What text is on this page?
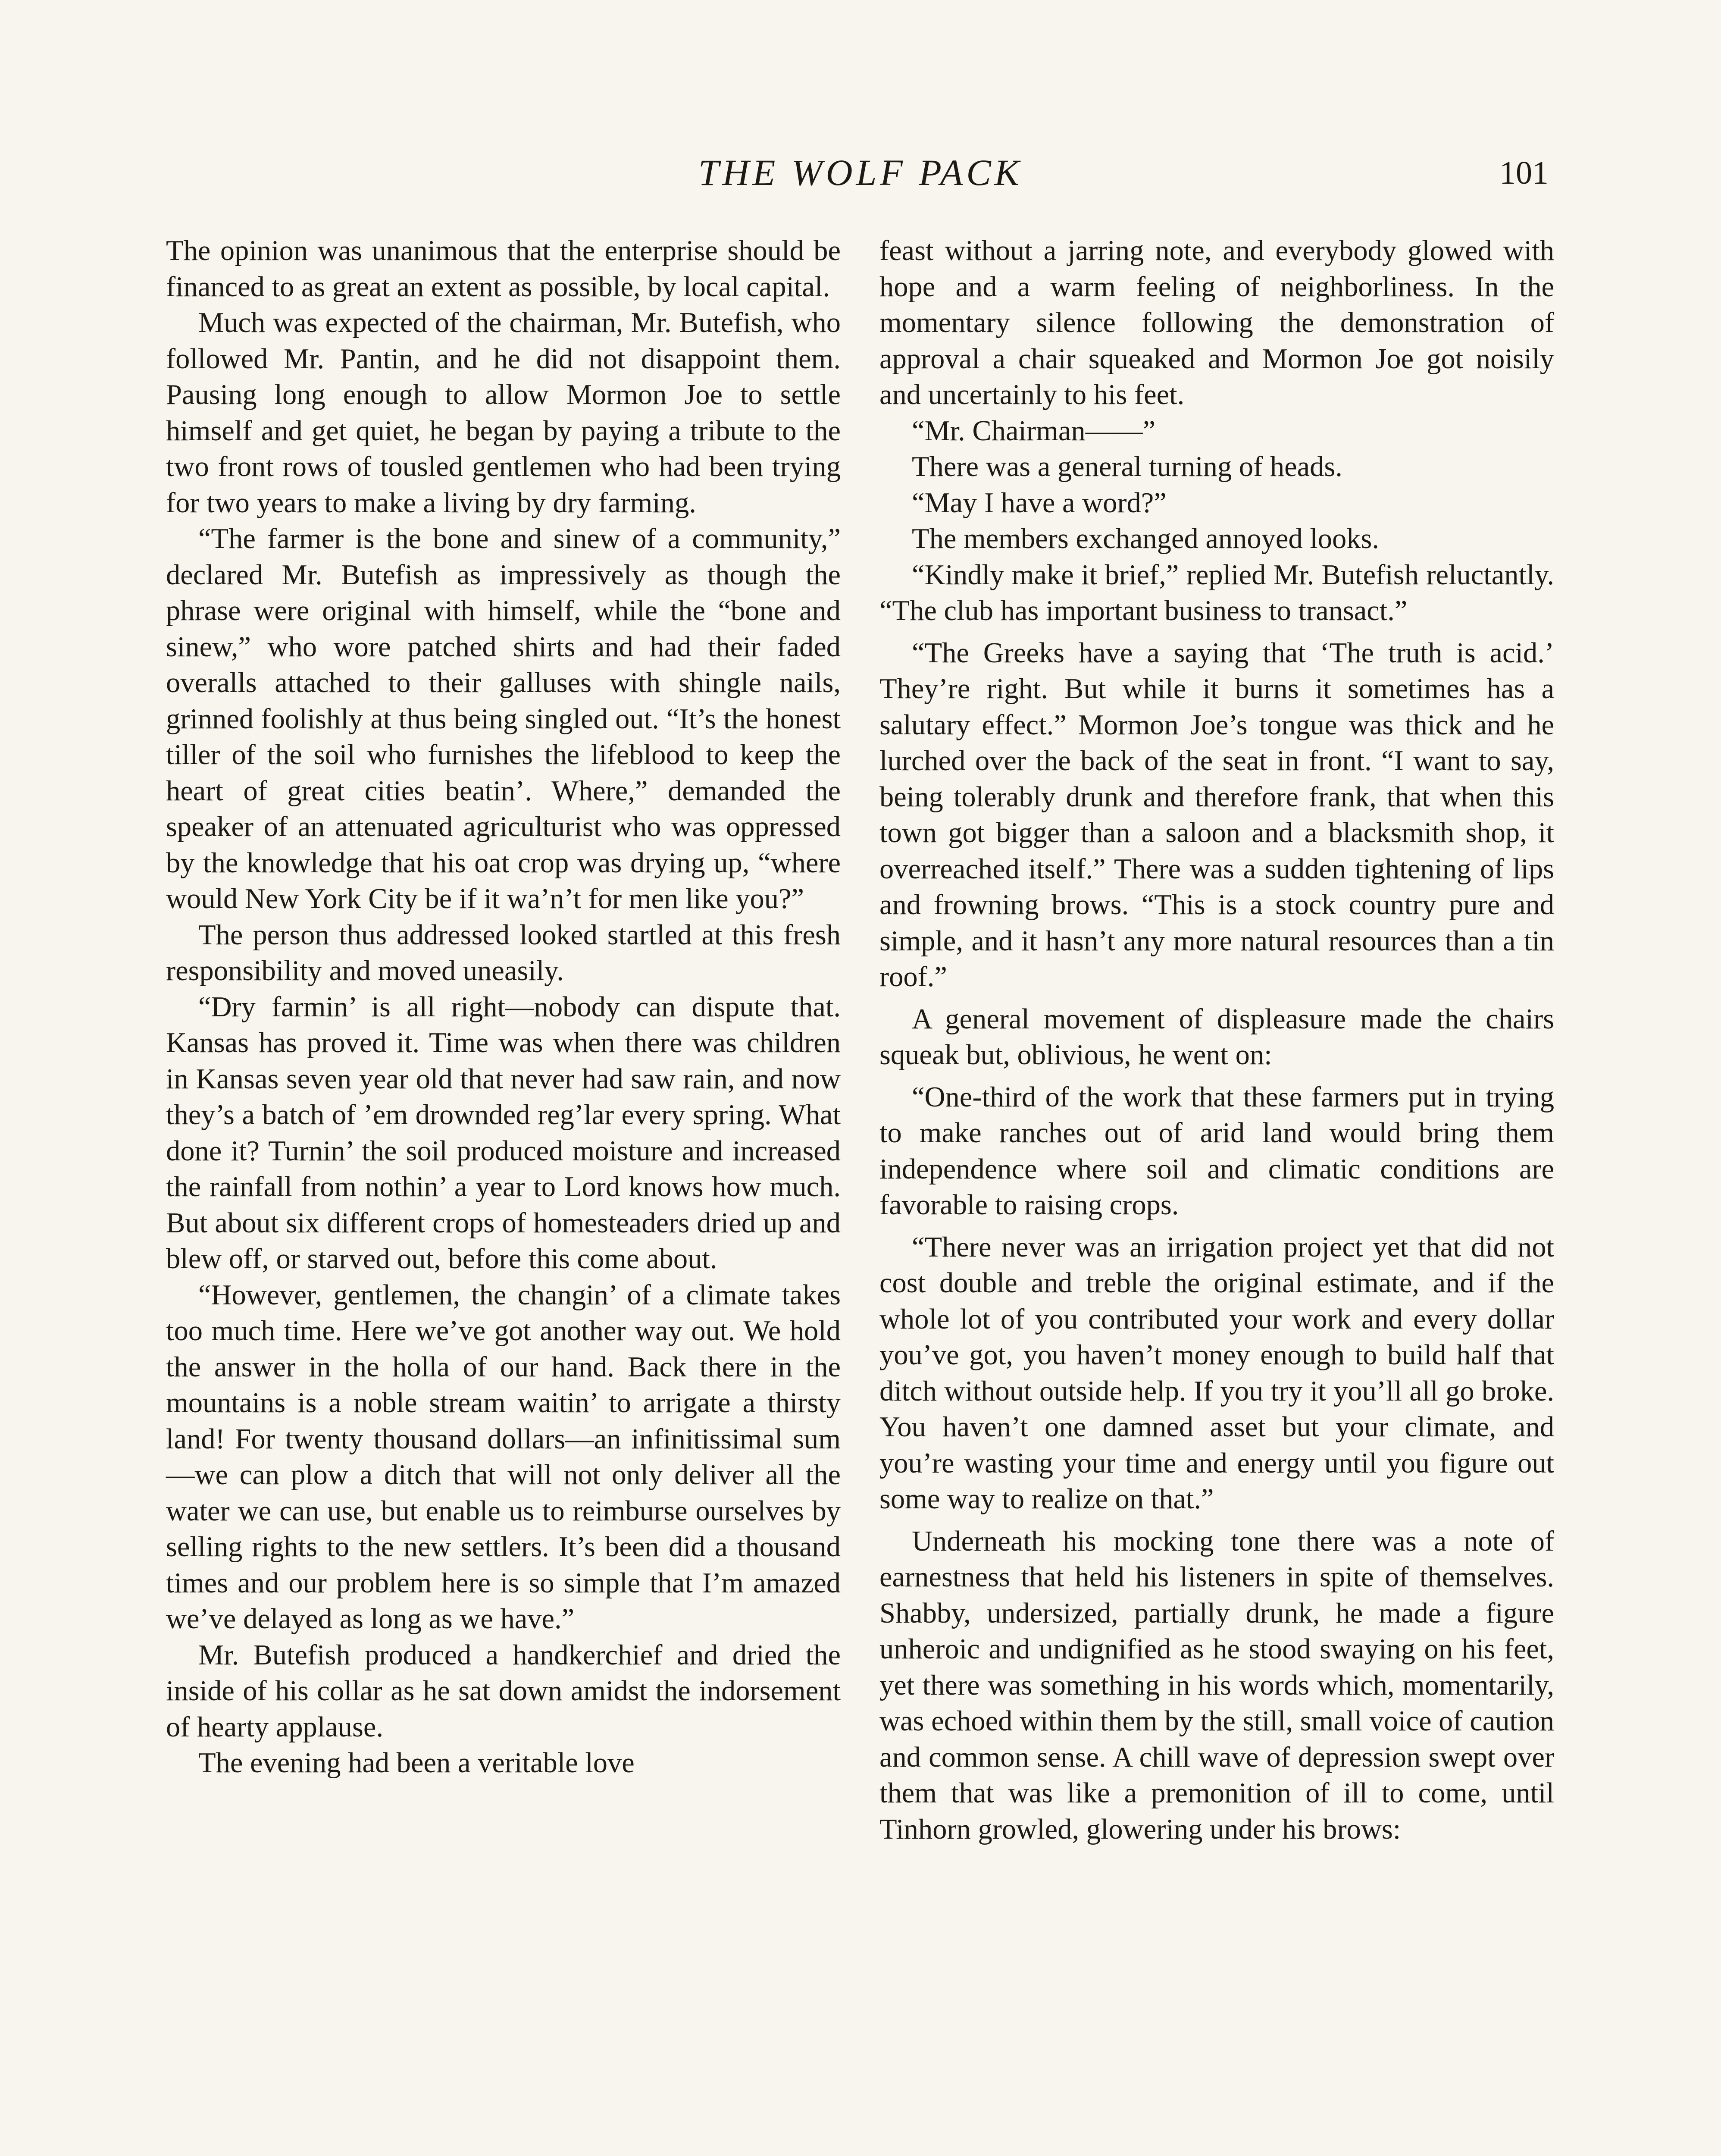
THE WOLF PACK	101

The opinion was unanimous that the enterprise should be financed to as great an extent as possible, by local capital.

Much was expected of the chairman, Mr. Butefish, who followed Mr. Pantin, and he did not disappoint them. Pausing long enough to allow Mormon Joe to settle himself and get quiet, he began by paying a tribute to the two front rows of tousled gentlemen who had been trying for two years to make a living by dry farming.

“The farmer is the bone and sinew of a community,” declared Mr. Butefish as impressively as though the phrase were original with himself, while the “bone and sinew,” who wore patched shirts and had their faded overalls attached to their galluses with shingle nails, grinned foolishly at thus being singled out. “It’s the honest tiller of the soil who furnishes the lifeblood to keep the heart of great cities beatin’. Where,” demanded the speaker of an attenuated agriculturist who was oppressed by the knowledge that his oat crop was drying up, “where would New York City be if it wa’n’t for men like you?”

The person thus addressed looked startled at this fresh responsibility and moved uneasily.

“Dry farmin’ is all right—nobody can dispute that. Kansas has proved it. Time was when there was children in Kansas seven year old that never had saw rain, and now they’s a batch of ’em drownded reg’lar every spring. What done it? Turnin’ the soil produced moisture and increased the rainfall from nothin’ a year to Lord knows how much. But about six different crops of homesteaders dried up and blew off, or starved out, before this come about.

“However, gentlemen, the changin’ of a climate takes too much time. Here we’ve got another way out. We hold the answer in the holla of our hand. Back there in the mountains is a noble stream waitin’ to arrigate a thirsty land! For twenty thousand dollars—an infinitissimal sum—we can plow a ditch that will not only deliver all the water we can use, but enable us to reimburse ourselves by selling rights to the new settlers. It’s been did a thousand times and our problem here is so simple that I’m amazed we’ve delayed as long as we have.”

Mr. Butefish produced a handkerchief and dried the inside of his collar as he sat down amidst the indorsement of hearty applause.

The evening had been a veritable love

feast without a jarring note, and everybody glowed with hope and a warm feeling of neighborliness. In the momentary silence following the demonstration of approval a chair squeaked and Mormon Joe got noisily and uncertainly to his feet.

“Mr. Chairman——”

There was a general turning of heads.

“May I have a word?”

The members exchanged annoyed looks.

“Kindly make it brief,” replied Mr. Butefish reluctantly. “The club has important business to transact.”

“The Greeks have a saying that ‘The truth is acid.’ They’re right. But while it burns it sometimes has a salutary effect.” Mormon Joe’s tongue was thick and he lurched over the back of the seat in front. “I want to say, being tolerably drunk and therefore frank, that when this town got bigger than a saloon and a blacksmith shop, it overreached itself.” There was a sudden tightening of lips and frowning brows. “This is a stock country pure and simple, and it hasn’t any more natural resources than a tin roof.”

A general movement of displeasure made the chairs squeak but, oblivious, he went on:

“One-third of the work that these farmers put in trying to make ranches out of arid land would bring them independence where soil and climatic conditions are favorable to raising crops.

“There never was an irrigation project yet that did not cost double and treble the original estimate, and if the whole lot of you contributed your work and every dollar you’ve got, you haven’t money enough to build half that ditch without outside help. If you try it you’ll all go broke. You haven’t one damned asset but your climate, and you’re wasting your time and energy until you figure out some way to realize on that.”

Underneath his mocking tone there was a note of earnestness that held his listeners in spite of themselves. Shabby, undersized, partially drunk, he made a figure unheroic and undignified as he stood swaying on his feet, yet there was something in his words which, momentarily, was echoed within them by the still, small voice of caution and common sense. A chill wave of depression swept over them that was like a premonition of ill to come, until Tinhorn growled, glowering under his brows:
